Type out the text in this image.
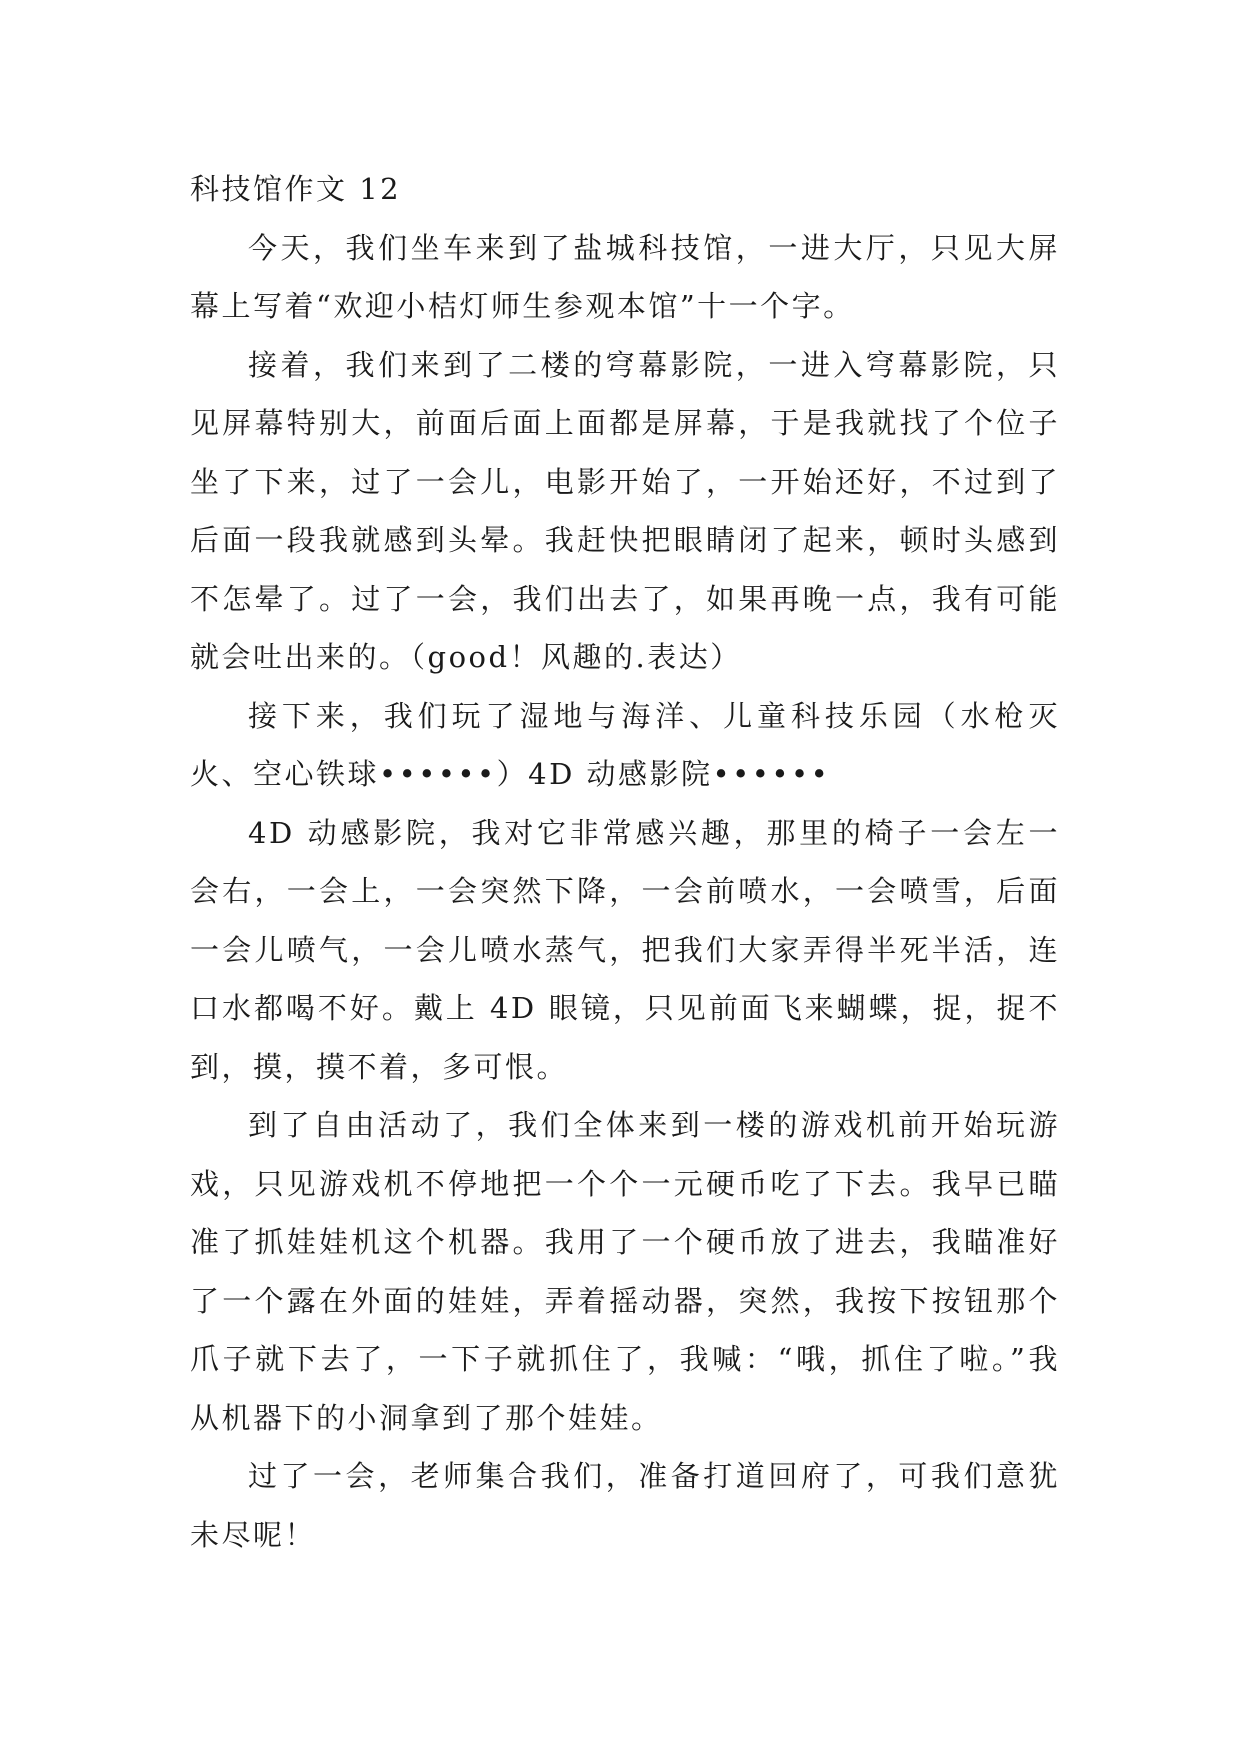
科技馆作文 12

今天，我们坐车来到了盐城科技馆，一进大厅，只见大屏幕上写着“欢迎小桔灯师生参观本馆”十一个字。

接着，我们来到了二楼的穹幕影院，一进入穹幕影院，只见屏幕特别大，前面后面上面都是屏幕，于是我就找了个位子坐了下来，过了一会儿，电影开始了，一开始还好，不过到了后面一段我就感到头晕。我赶快把眼睛闭了起来，顿时头感到不怎晕了。过了一会，我们出去了，如果再晚一点，我有可能就会吐出来的。（good！风趣的.表达）

接下来，我们玩了湿地与海洋、儿童科技乐园（水枪灭火、空心铁球••••••）4D 动感影院••••••

4D 动感影院，我对它非常感兴趣，那里的椅子一会左一会右，一会上，一会突然下降，一会前喷水，一会喷雪，后面一会儿喷气，一会儿喷水蒸气，把我们大家弄得半死半活，连口水都喝不好。戴上 4D 眼镜，只见前面飞来蝴蝶，捉，捉不到，摸，摸不着，多可恨。

到了自由活动了，我们全体来到一楼的游戏机前开始玩游戏，只见游戏机不停地把一个个一元硬币吃了下去。我早已瞄准了抓娃娃机这个机器。我用了一个硬币放了进去，我瞄准好了一个露在外面的娃娃，弄着摇动器，突然，我按下按钮那个爪子就下去了，一下子就抓住了，我喊：“哦，抓住了啦。”我从机器下的小洞拿到了那个娃娃。

过了一会，老师集合我们，准备打道回府了，可我们意犹未尽呢！
